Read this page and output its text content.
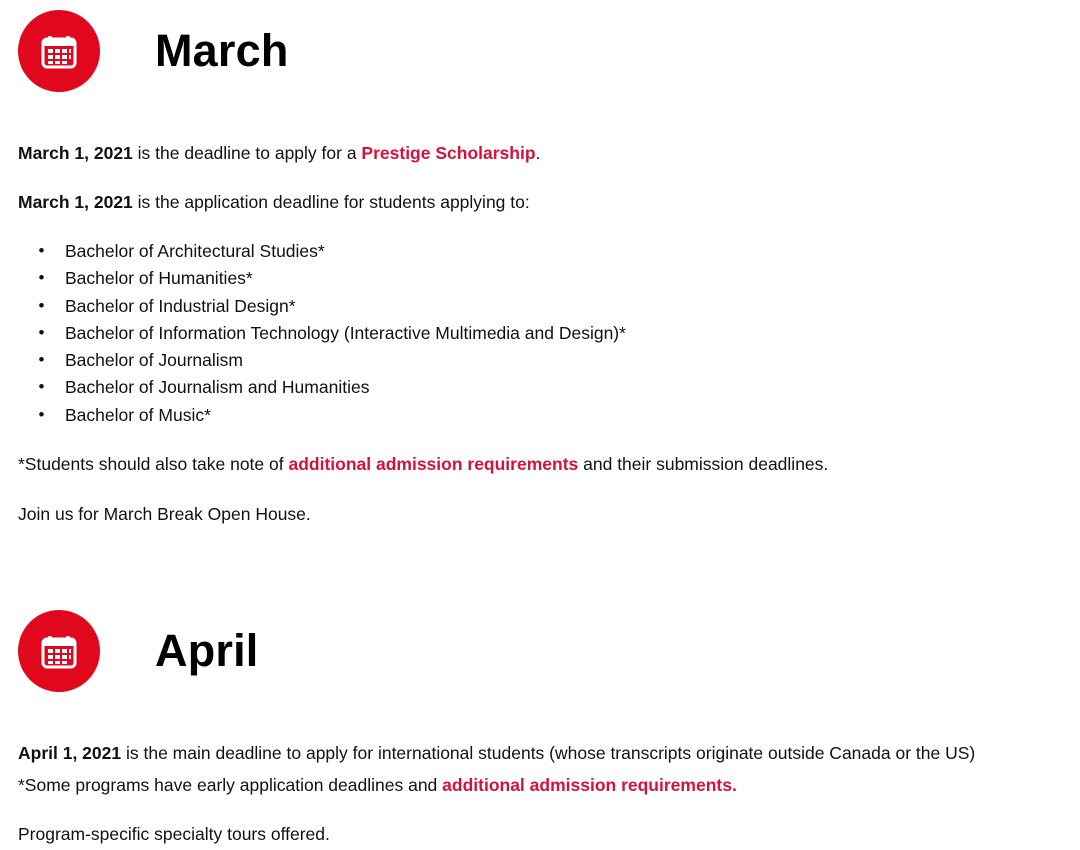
March

March 1, 2021 is the deadline to apply for a Prestige Scholarship.

March 1, 2021 is the application deadline for students applying to:

•	Bachelor of Architectural Studies*
•	Bachelor of Humanities*
•	Bachelor of Industrial Design*
•	Bachelor of Information Technology (Interactive Multimedia and Design)*
•	Bachelor of Journalism
•	Bachelor of Journalism and Humanities
•	Bachelor of Music*

*Students should also take note of additional admission requirements and their submission deadlines.

Join us for March Break Open House.

April

April 1, 2021 is the main deadline to apply for international students (whose transcripts originate outside Canada or the US)

*Some programs have early application deadlines and additional admission requirements.

Program-specific specialty tours offered.
